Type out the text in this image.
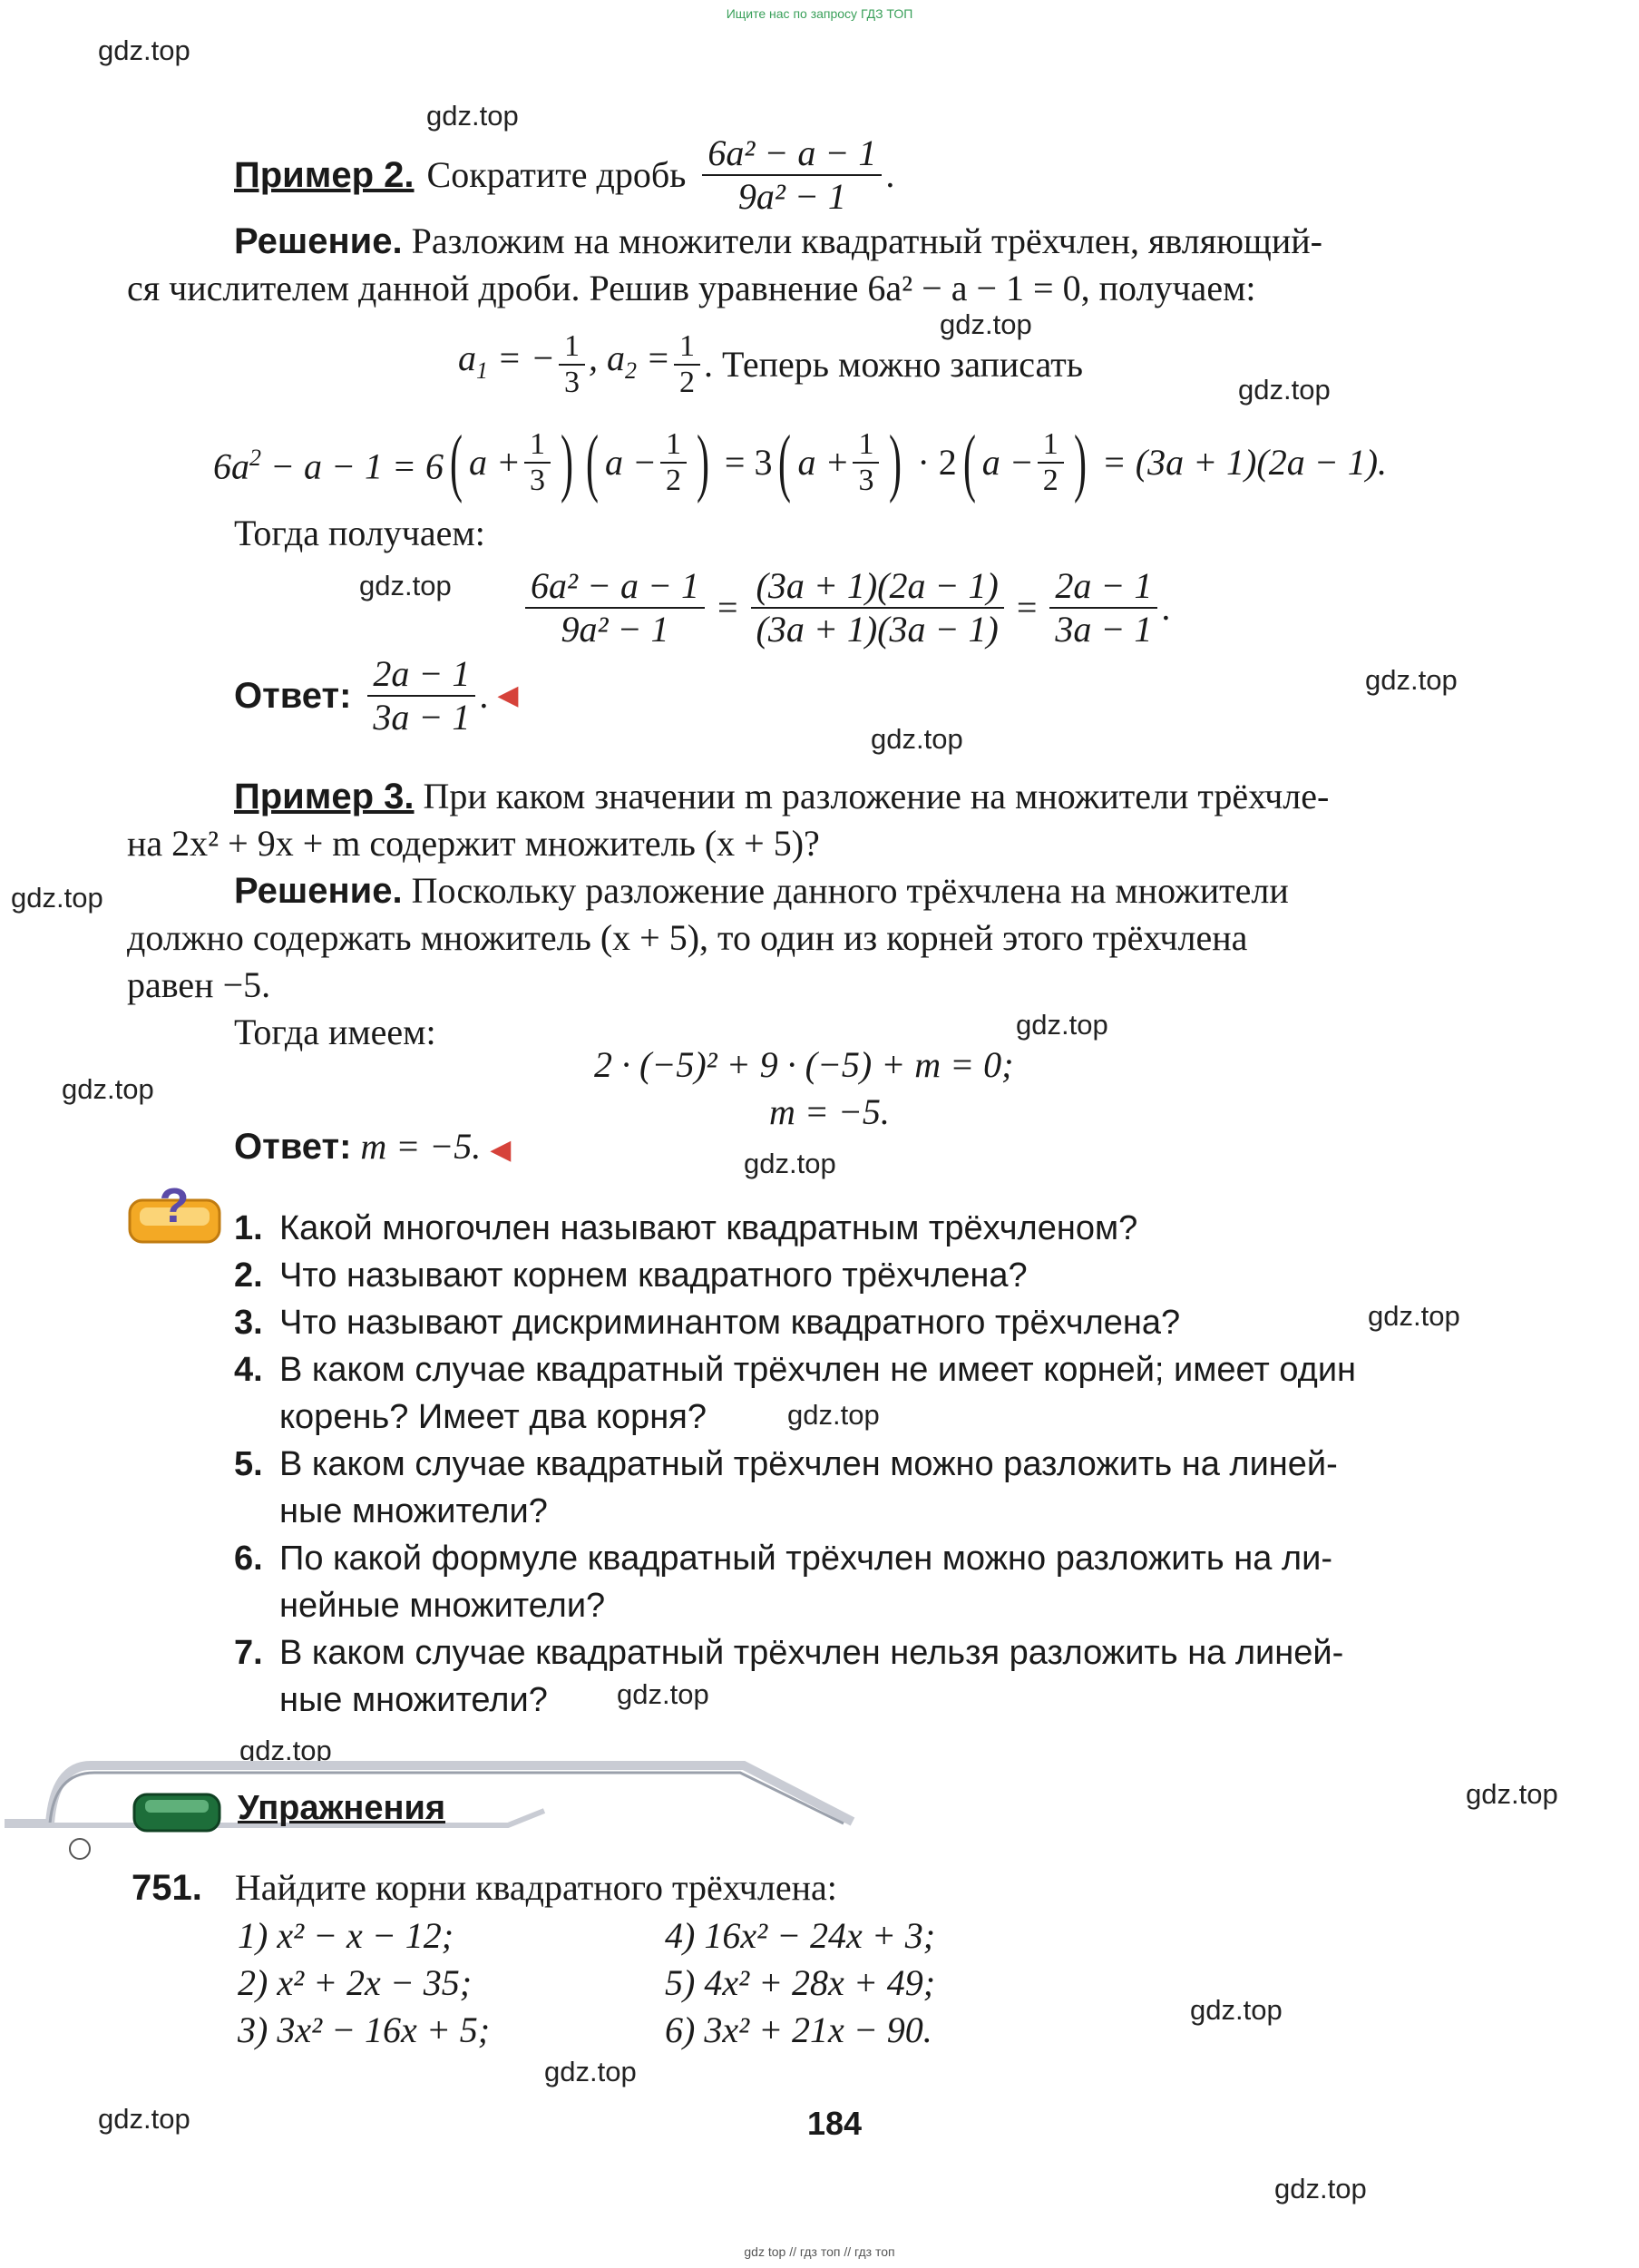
Ищите нас по запросу ГДЗ ТОП
gdz.top
gdz.top
gdz.top
gdz.top
gdz.top
gdz.top
gdz.top
gdz.top
gdz.top
gdz.top
gdz.top
gdz.top
gdz.top
gdz.top
gdz.top
gdz.top
gdz.top
gdz.top
gdz.top
gdz.top
Пример 2. Сократите дробь $\frac{\text{6a² − a − 1}}{\text{9a² − 1}}$ .
Решение. Разложим на множители квадратный трёхчлен, являющий-
ся числителем данной дроби. Решив уравнение 6a² − a − 1 = 0, получаем:
$a_1$ = − $\frac{1}{3}$ , $a_2 = \frac{1}{2}$ . Теперь можно записать
$6a^2 - a - 1 = 6$ ( $a + \frac{1}{3}$ ) ( $a - \frac{1}{2}$ ) = 3 ( $a + \frac{1}{3}$ ) · 2 ( $a - \frac{1}{2}$ ) = (3a + 1)(2a − 1).
Тогда получаем:
$\frac{\text{6a² − a − 1}}{\text{9a² − 1}} = \frac{(3a + 1)(2a - 1)}{(3a + 1)(3a - 1)} = \frac{2a - 1}{3a - 1}$ .
Ответ: $\frac{2a - 1}{3a - 1}$ . ◀
Пример 3. При каком значении m разложение на множители трёхчле-
на 2x² + 9x + m содержит множитель (x + 5)?
Решение. Поскольку разложение данного трёхчлена на множители
должно содержать множитель (x + 5), то один из корней этого трёхчлена
равен −5.
Тогда имеем:
2 · (−5)² + 9 · (−5) + m = 0;
m = −5.
Ответ: m = −5. ◀
? 1. Какой многочлен называют квадратным трёхчленом?
2. Что называют корнем квадратного трёхчлена?
3. Что называют дискриминантом квадратного трёхчлена?
4. В каком случае квадратный трёхчлен не имеет корней; имеет один
корень? Имеет два корня?
5. В каком случае квадратный трёхчлен можно разложить на линей-
ные множители?
6. По какой формуле квадратный трёхчлен можно разложить на ли-
нейные множители?
7. В каком случае квадратный трёхчлен нельзя разложить на линей-
ные множители?
Упражнения
751. Найдите корни квадратного трёхчлена:
1) x² − x − 12;
2) x² + 2x − 35;
3) 3x² − 16x + 5;
4) 16x² − 24x + 3;
5) 4x² + 28x + 49;
6) 3x² + 21x − 90.
184
gdz top // гдз топ // гдз топ
